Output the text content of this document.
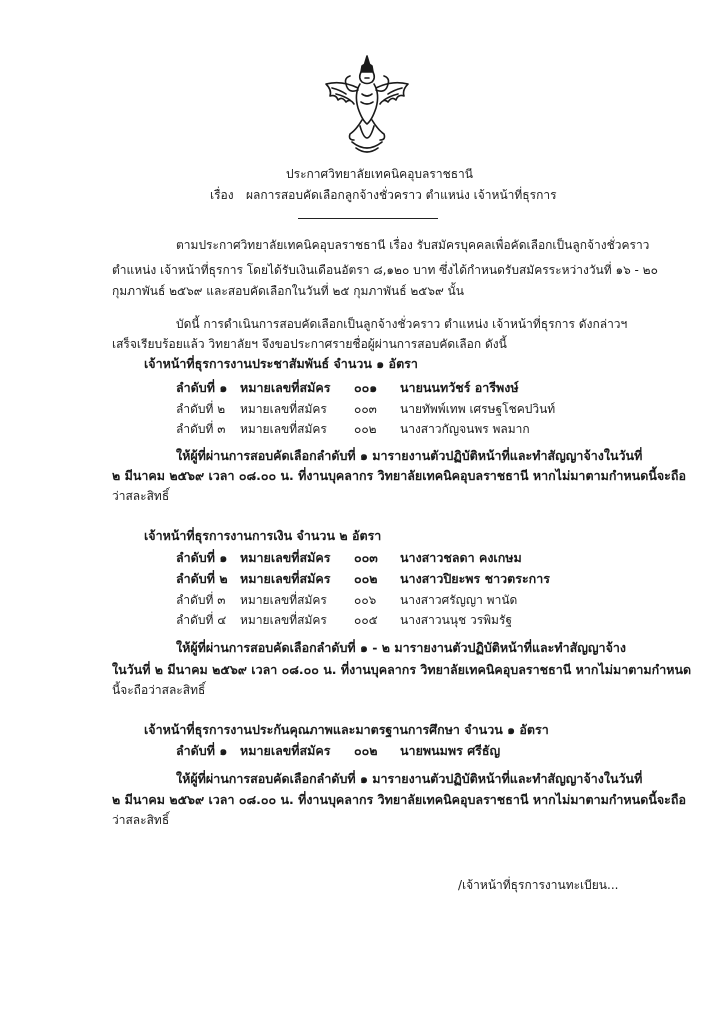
ประกาศวิทยาลัยเทคนิคอุบลราชธานี
เรื่อง ผลการสอบคัดเลือกลูกจ้างชั่วคราว ตำแหน่ง เจ้าหน้าที่ธุรการ
ตามประกาศวิทยาลัยเทคนิคอุบลราชธานี เรื่อง รับสมัครบุคคลเพื่อคัดเลือกเป็นลูกจ้างชั่วคราว
ตำแหน่ง เจ้าหน้าที่ธุรการ โดยได้รับเงินเดือนอัตรา ๘,๑๒๐ บาท ซึ่งได้กำหนดรับสมัครระหว่างวันที่ ๑๖ - ๒๐
กุมภาพันธ์ ๒๕๖๙ และสอบคัดเลือกในวันที่ ๒๕ กุมภาพันธ์ ๒๕๖๙ นั้น
บัดนี้ การดำเนินการสอบคัดเลือกเป็นลูกจ้างชั่วคราว ตำแหน่ง เจ้าหน้าที่ธุรการ ดังกล่าวฯ
เสร็จเรียบร้อยแล้ว วิทยาลัยฯ จึงขอประกาศรายชื่อผู้ผ่านการสอบคัดเลือก ดังนี้
เจ้าหน้าที่ธุรการงานประชาสัมพันธ์ จำนวน ๑ อัตรา
ลำดับที่ ๑ หมายเลขที่สมัคร ๐๐๑ นายนนทวัชร์ อารีพงษ์
ลำดับที่ ๒ หมายเลขที่สมัคร ๐๐๓ นายทัพพ์เทพ เศรษฐโชคปวินท์
ลำดับที่ ๓ หมายเลขที่สมัคร ๐๐๒ นางสาวกัญจนพร พลมาก
ให้ผู้ที่ผ่านการสอบคัดเลือกลำดับที่ ๑ มารายงานตัวปฏิบัติหน้าที่และทำสัญญาจ้างในวันที่
๒ มีนาคม ๒๕๖๙ เวลา ๐๘.๐๐ น. ที่งานบุคลากร วิทยาลัยเทคนิคอุบลราชธานี หากไม่มาตามกำหนดนี้จะถือ
ว่าสละสิทธิ์
เจ้าหน้าที่ธุรการงานการเงิน จำนวน ๒ อัตรา
ลำดับที่ ๑ หมายเลขที่สมัคร ๐๐๓ นางสาวชลดา คงเกษม
ลำดับที่ ๒ หมายเลขที่สมัคร ๐๐๒ นางสาวปิยะพร ชาวตระการ
ลำดับที่ ๓ หมายเลขที่สมัคร ๐๐๖ นางสาวศรัญญา พานัด
ลำดับที่ ๔ หมายเลขที่สมัคร ๐๐๕ นางสาวนนุช วรพิมรัฐ
ให้ผู้ที่ผ่านการสอบคัดเลือกลำดับที่ ๑ - ๒ มารายงานตัวปฏิบัติหน้าที่และทำสัญญาจ้าง
ในวันที่ ๒ มีนาคม ๒๕๖๙ เวลา ๐๘.๐๐ น. ที่งานบุคลากร วิทยาลัยเทคนิคอุบลราชธานี หากไม่มาตามกำหนด
นี้จะถือว่าสละสิทธิ์
เจ้าหน้าที่ธุรการงานประกันคุณภาพและมาตรฐานการศึกษา จำนวน ๑ อัตรา
ลำดับที่ ๑ หมายเลขที่สมัคร ๐๐๒ นายพนมพร ศรีธัญ
ให้ผู้ที่ผ่านการสอบคัดเลือกลำดับที่ ๑ มารายงานตัวปฏิบัติหน้าที่และทำสัญญาจ้างในวันที่
๒ มีนาคม ๒๕๖๙ เวลา ๐๘.๐๐ น. ที่งานบุคลากร วิทยาลัยเทคนิคอุบลราชธานี หากไม่มาตามกำหนดนี้จะถือ
ว่าสละสิทธิ์
/เจ้าหน้าที่ธุรการงานทะเบียน...
